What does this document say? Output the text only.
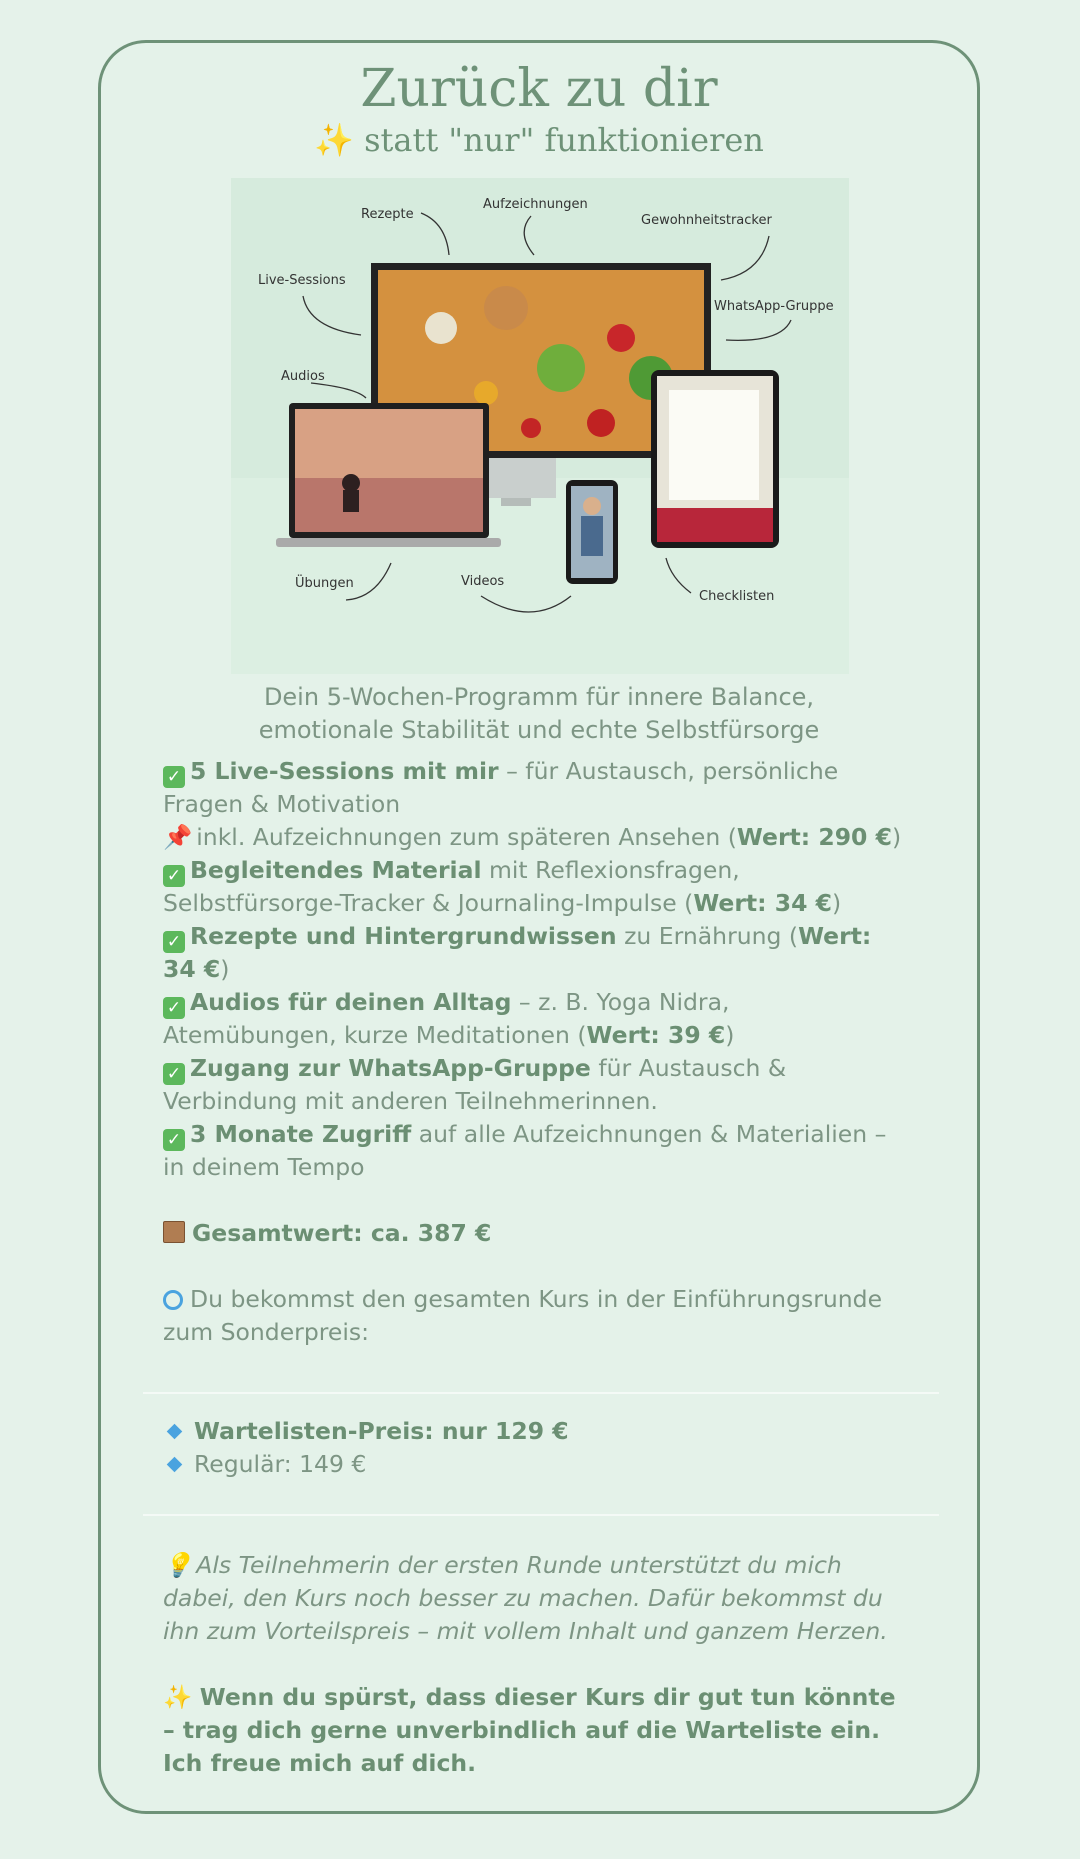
Zurück zu dir
✨ statt "nur" funktionieren
Rezepte
Aufzeichnungen
Gewohnheitstracker
Live-Sessions
WhatsApp-Gruppe
Audios
Übungen	Videos
Checklisten
Dein 5-Wochen-Programm für innere Balance,
emotionale Stabilität und echte Selbstfürsorge

✓ 5 Live-Sessions mit mir – für Austausch, persönliche Fragen & Motivation

📌 inkl. Aufzeichnungen zum späteren Ansehen (Wert: 290 €)

✓ Begleitendes Material mit Reflexionsfragen, Selbstfürsorge-Tracker & Journaling-Impulse (Wert: 34 €)

✓ Rezepte und Hintergrundwissen zu Ernährung (Wert: 34 €)

✓ Audios für deinen Alltag – z. B. Yoga Nidra, Atemübungen, kurze Meditationen (Wert: 39 €)

✓ Zugang zur WhatsApp-Gruppe für Austausch & Verbindung mit anderen Teilnehmerinnen.

✓ 3 Monate Zugriff auf alle Aufzeichnungen & Materialien – in deinem Tempo

Gesamtwert: ca. 387 €

Du bekommst den gesamten Kurs in der Einführungsrunde zum Sonderpreis:

Wartelisten-Preis: nur 129 €

Regulär: 149 €

💡 Als Teilnehmerin der ersten Runde unterstützt du mich dabei, den Kurs noch besser zu machen. Dafür bekommst du ihn zum Vorteilspreis – mit vollem Inhalt und ganzem Herzen.
✨ Wenn du spürst, dass dieser Kurs dir gut tun könnte – trag dich gerne unverbindlich auf die Warteliste ein. Ich freue mich auf dich.
